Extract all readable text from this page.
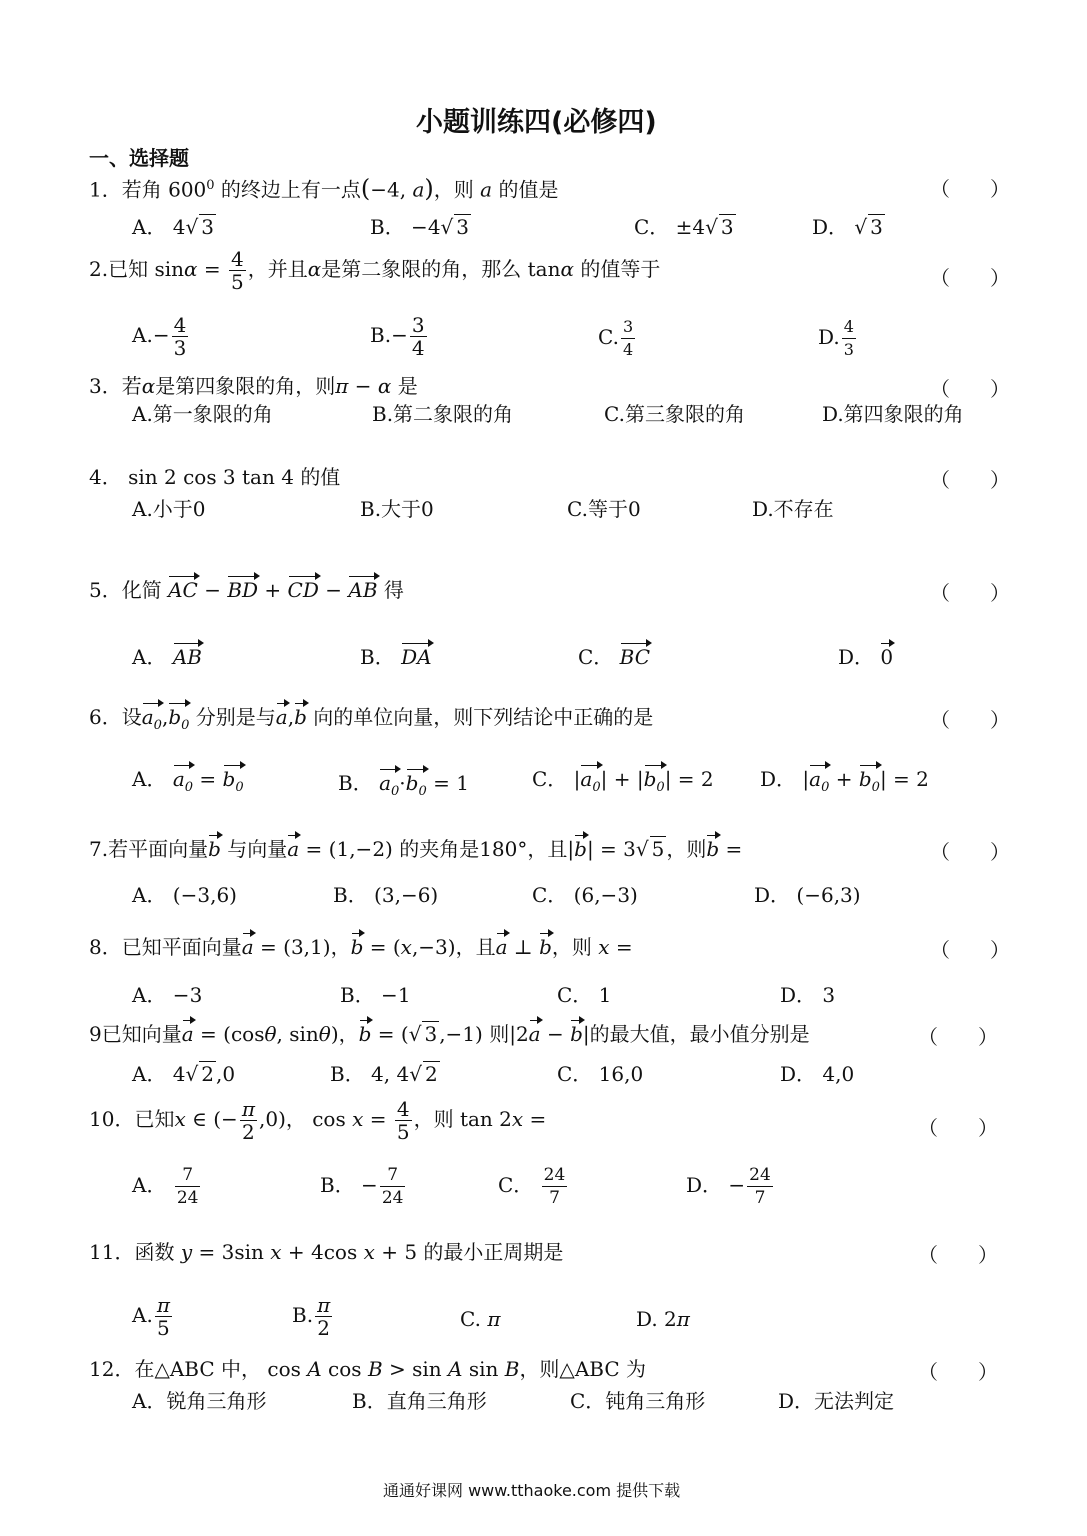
小题训练四(必修四)
一、选择题
1．若角 $600^0$ 的终边上有一点(−4, a)，则 a 的值是	（　　）
A． 4√ 3	B． −4√ 3	C． ±4√ 3	D． √ 3
2.已知 $\sin\alpha = \frac{4}{5}$ ，并且α是第二象限的角，那么 tanα 的值等于	（　　）
$A.- \frac{4}{3}$	$B.- \frac{3}{4}$	C. $\frac{3}{4}$	D. $\frac{4}{3}$
3．若α是第四象限的角，则π − α 是	（　　）
A.第一象限的角	B.第二象限的角	C.第三象限的角	D.第四象限的角
4． sin 2 cos 3 tan 4 的值	（　　）
A.小于0	B.大于0	C.等于0	D.不存在
5．化简 AC − BD + CD − AB 得	（　　）
A． AB	B． DA	C． BC	D． 0
6．设$a_0,b_0$ 分别是与a,b 向的单位向量，则下列结论中正确的是	（　　）
A． $a_0 = b_0$	B． $a_0\cdot b_0 = 1$	C． $|a_0| + |b_0| = 2$ D． $|a_0 + b_0| = 2$
7.若平面向量b 与向量a = (1,−2) 的夹角是180°，且|b| = 3√ 5 ，则b =	（　　）
A． (−3,6)	B． (3,−6)	C． (6,−3)	D． (−6,3)
8．已知平面向量a = (3,1)，b = (x,−3)，且a ⊥ b，则 x =	（　　）
A． −3	B． −1	C． 1	D． 3
9已知向量a = (cosθ, sinθ)，b = (√ 3 ,−1) 则|2a − b|的最大值，最小值分别是	（　　）
A． 4√ 2 ,0	B． 4, 4√ 2	C． 16,0	D． 4,0
10．已知x ∈ (− $\frac{\pi}{2} ,0$)， $\cos x = \frac{4}{5}$ ，则 tan 2x =	（　　）
A． $\frac{7}{24}$	B． − $\frac{7}{24}$	C． $\frac{24}{7}$	D． − $\frac{24}{7}$
11．函数 y = 3sin x + 4cos x + 5 的最小正周期是	（　　）
A. $\frac{\pi}{5}$	B. $\frac{\pi}{2}$	C. π	D. 2π
12．在△ABC 中， cos A cos B > sin A sin B，则△ABC 为	（　　）
A．锐角三角形	B．直角三角形	C．钝角三角形	D．无法判定
通通好课网 www.tthaoke.com 提供下载
